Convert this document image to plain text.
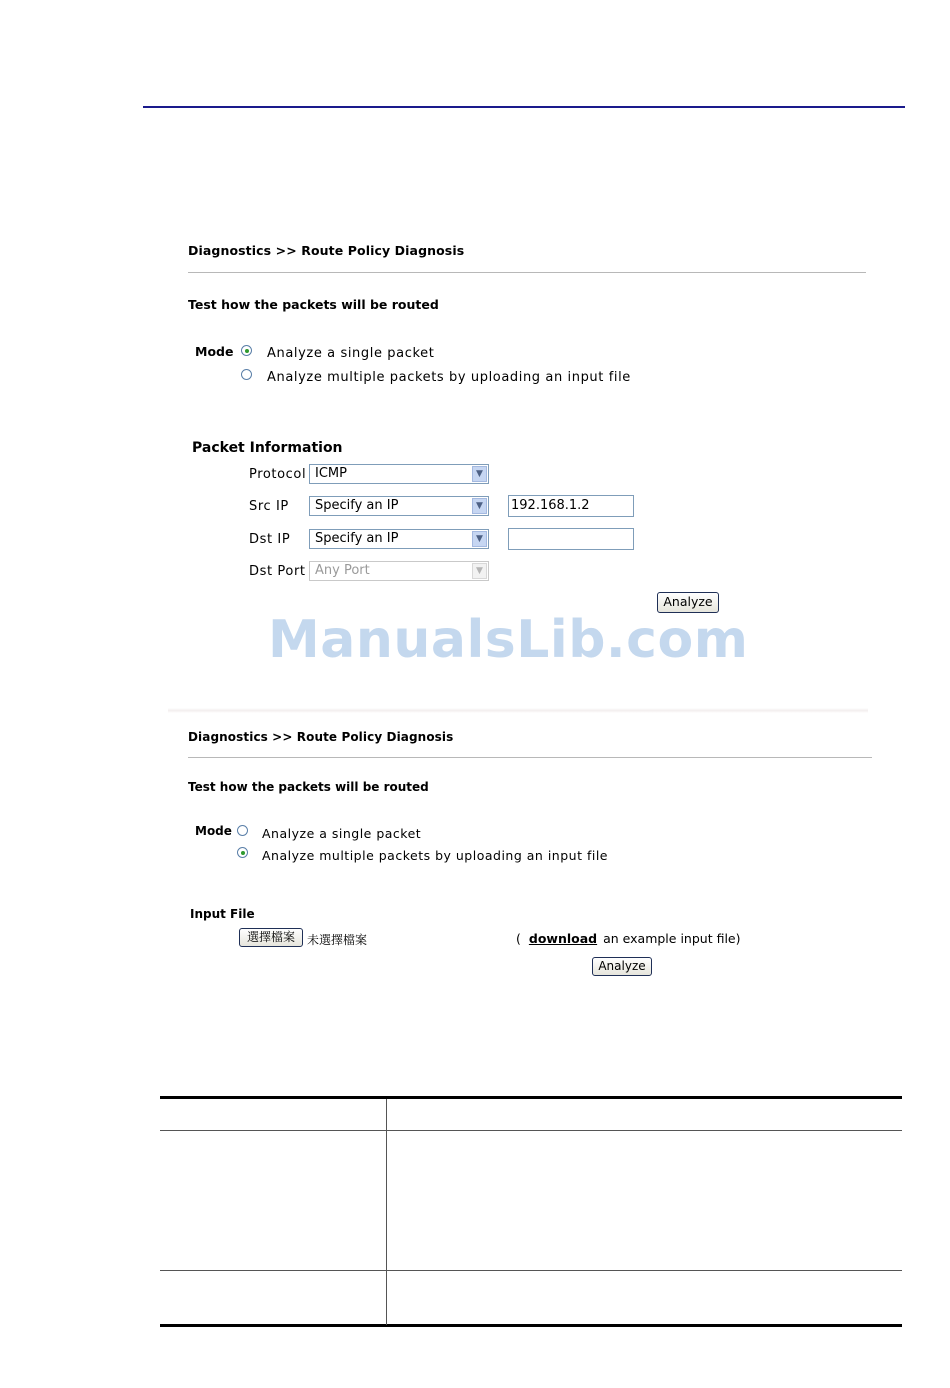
Diagnostics >> Route Policy Diagnosis
Test how the packets will be routed
Mode	Analyze a single packet
Analyze multiple packets by uploading an input file
Packet Information
Protocol ICMP	▼
Src IP	Specify an IP	▼	192.168.1.2
Dst IP	Specify an IP	▼
Dst Port Any Port	▼
Analyze
ManualsLib.com
Diagnostics >> Route Policy Diagnosis
Test how the packets will be routed
Mode Analyze a single packet
Analyze multiple packets by uploading an input file
Input File
選擇檔案	未選擇檔案	( download an example input file)
Analyze
